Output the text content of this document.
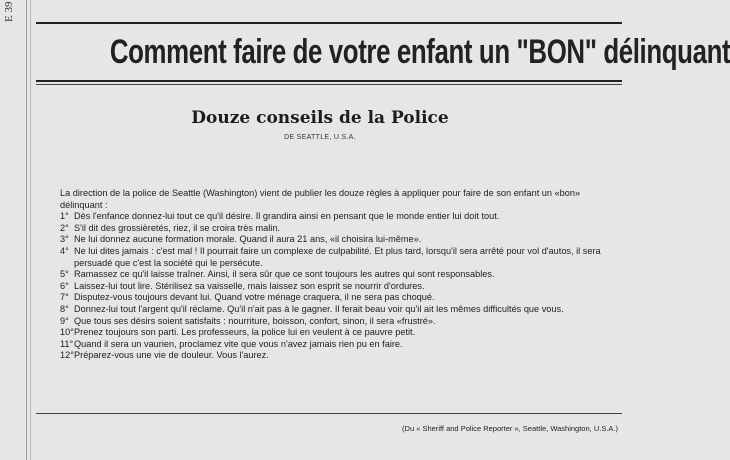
E 39
Comment faire de votre enfant un "BON" délinquant
Douze conseils de la Police
DE SEATTLE, U.S.A.

La direction de la police de Seattle (Washington) vient de publier les douze règles à appliquer pour faire de son enfant un «bon» délinquant :

1° Dès l'enfance donnez-lui tout ce qu'il désire. Il grandira ainsi en pensant que le monde entier lui doit tout.
2° S'il dit des grossièretés, riez, il se croira très malin.
3° Ne lui donnez aucune formation morale. Quand il aura 21 ans, «il choisira lui-même».
4° Ne lui dites jamais : c'est mal ! Il pourrait faire un complexe de culpabilité. Et plus tard, lorsqu'il sera arrêté pour vol d'autos, il sera persuadé que c'est la société qui le persécute.
5° Ramassez ce qu'il laisse traîner. Ainsi, il sera sûr que ce sont toujours les autres qui sont responsables.
6° Laissez-lui tout lire. Stérilisez sa vaisselle, mais laissez son esprit se nourrir d'ordures.
7° Disputez-vous toujours devant lui. Quand votre ménage craquera, il ne sera pas choqué.
8° Donnez-lui tout l'argent qu'il réclame. Qu'il n'ait pas à le gagner. Il ferait beau voir qu'il ait les mêmes difficultés que vous.
9° Que tous ses désirs soient satisfaits : nourriture, boisson, confort, sinon, il sera «frustré».
10° Prenez toujours son parti. Les professeurs, la police lui en veulent à ce pauvre petit.
11° Quand il sera un vaurien, proclamez vite que vous n'avez jamais rien pu en faire.
12° Préparez-vous une vie de douleur. Vous l'aurez.
(Du « Sheriff and Police Reporter », Seattle, Washington, U.S.A.)
